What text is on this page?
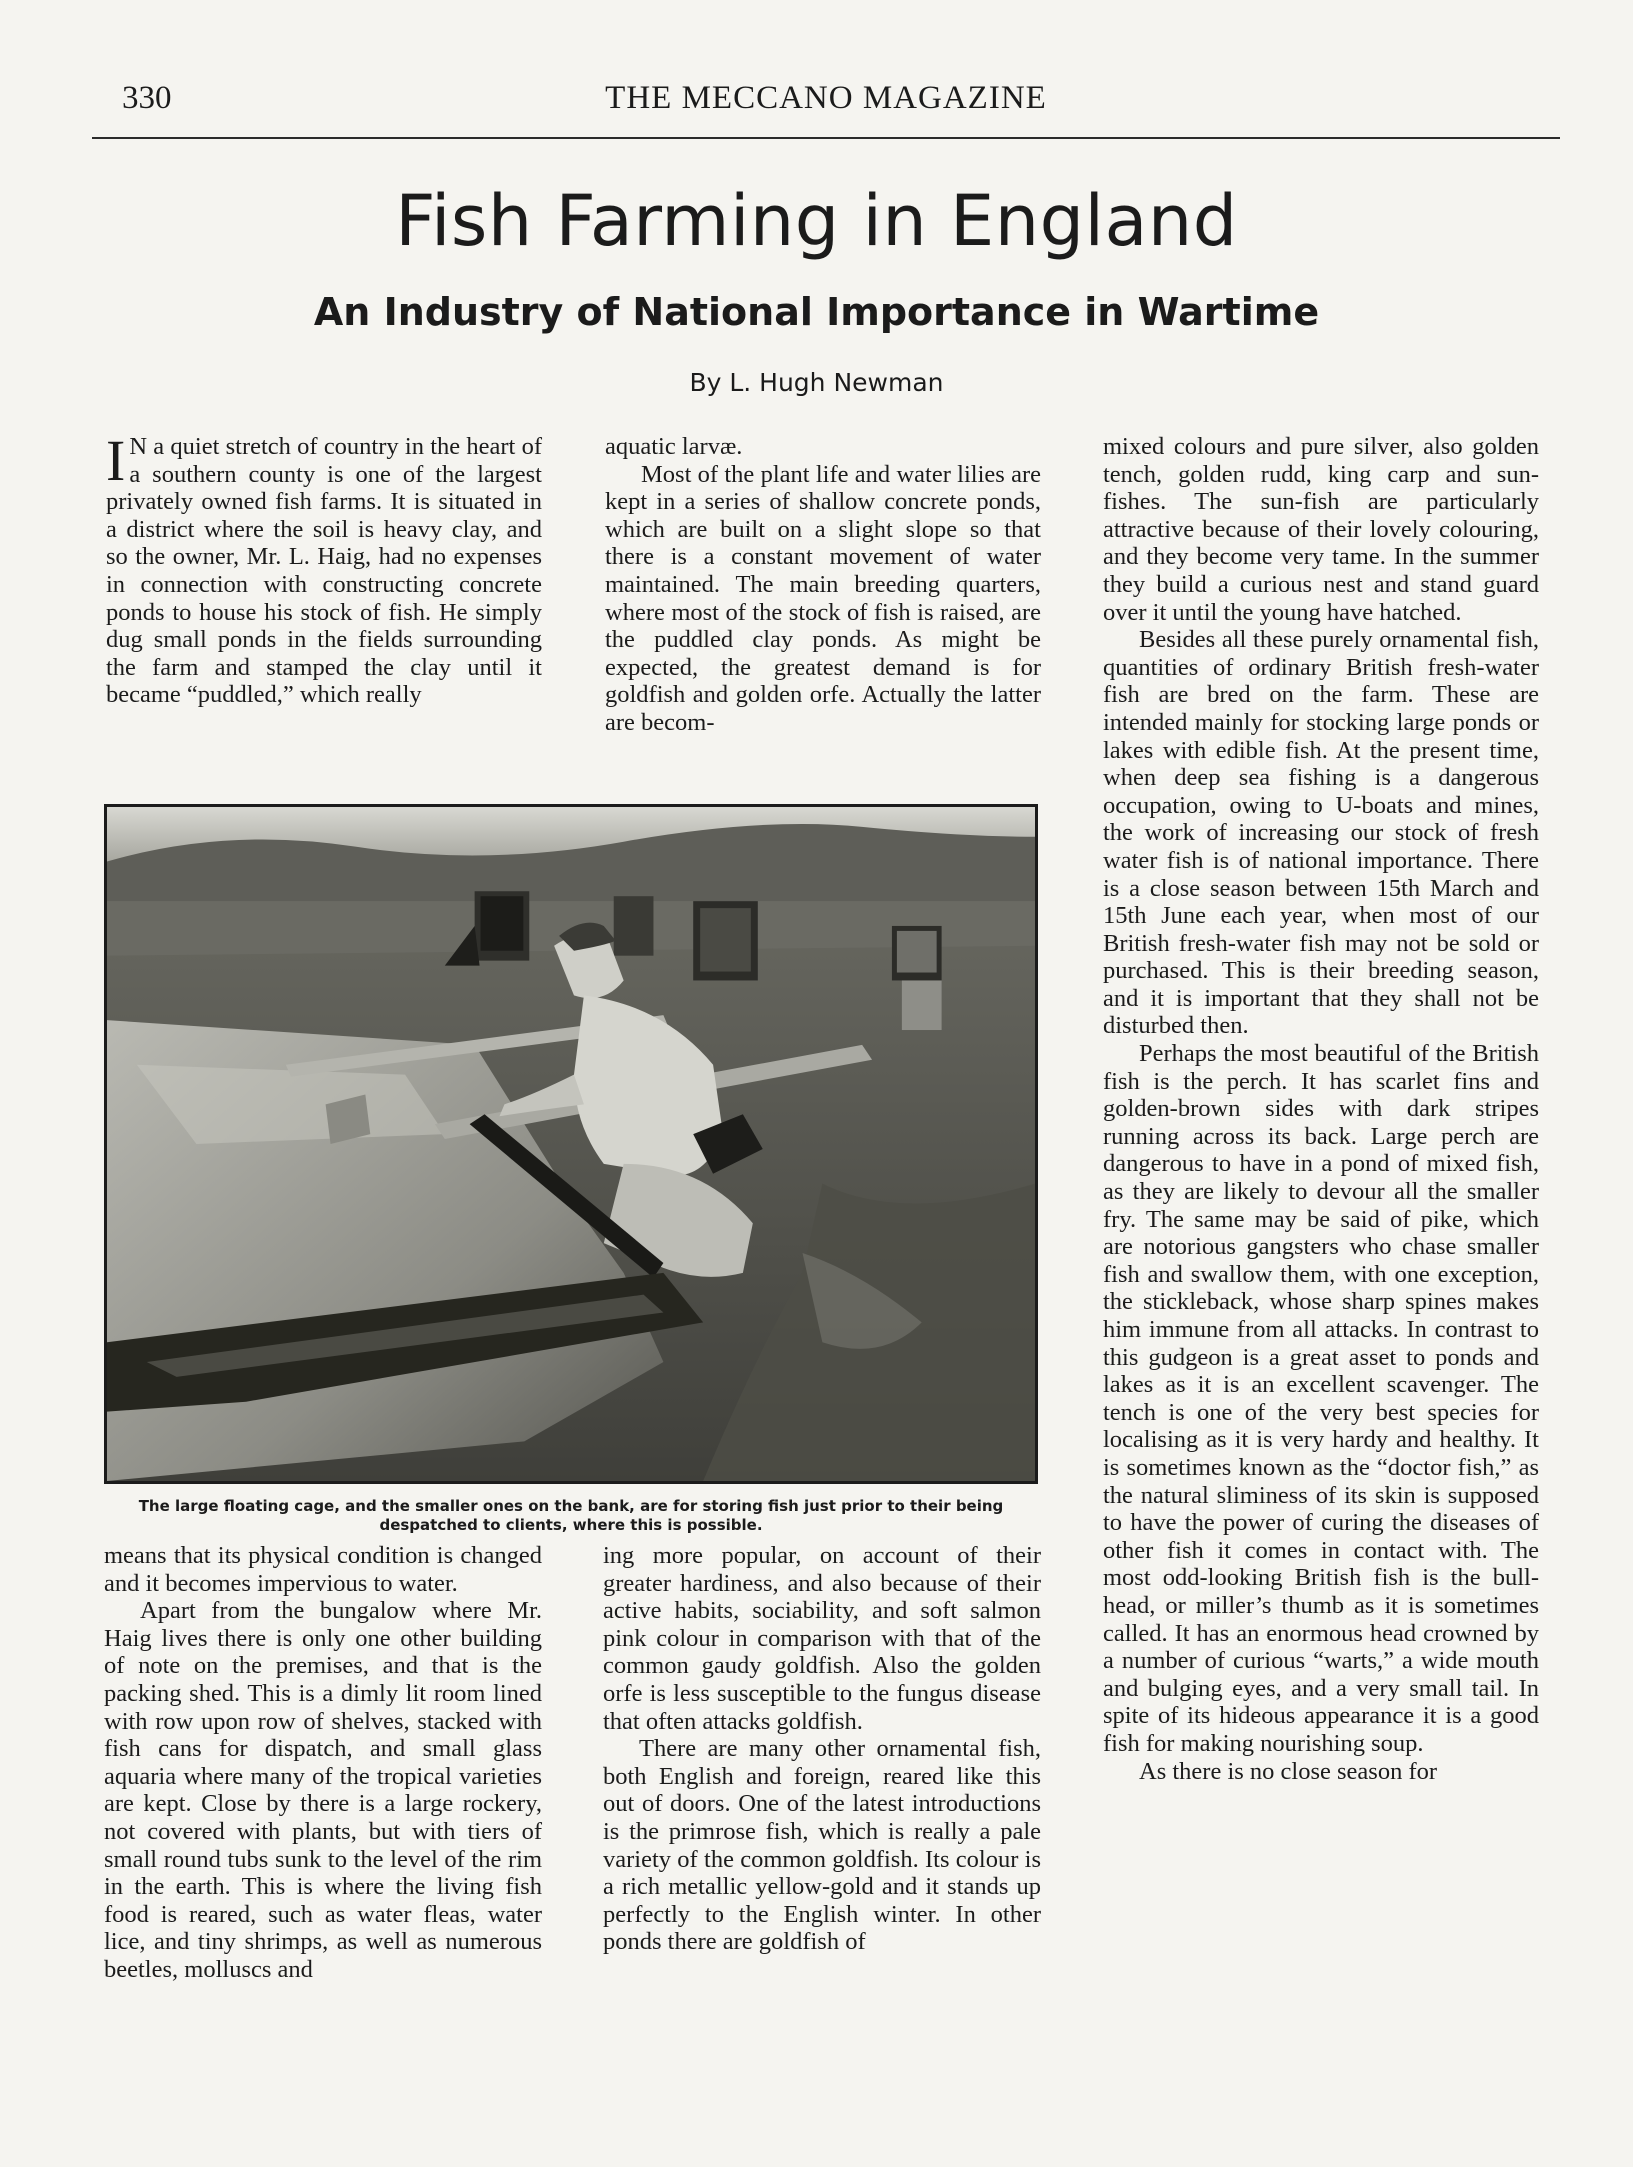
330	THE MECCANO MAGAZINE
Fish Farming in England
An Industry of National Importance in Wartime
By L. Hugh Newman

I N a quiet stretch of country in the heart of a southern county is one of the largest privately owned fish farms. It is situated in a district where the soil is heavy clay, and so the owner, Mr. L. Haig, had no expenses in connection with constructing concrete ponds to house his stock of fish. He simply dug small ponds in the fields surrounding the farm and stamped the clay until it became “puddled,” which really

aquatic larvæ.

Most of the plant life and water lilies are kept in a series of shallow concrete ponds, which are built on a slight slope so that there is a constant movement of water maintained. The main breeding quarters, where most of the stock of fish is raised, are the puddled clay ponds. As might be expected, the greatest demand is for goldfish and golden orfe. Actually the latter are becom-

mixed colours and pure silver, also golden tench, golden rudd, king carp and sun-fishes. The sun-fish are particularly attractive because of their lovely colouring, and they become very tame. In the summer they build a curious nest and stand guard over it until the young have hatched.

Besides all these purely ornamental fish, quantities of ordinary British fresh-water fish are bred on the farm. These are intended mainly for stocking large ponds or lakes with edible fish. At the present time, when deep sea fishing is a dangerous occupation, owing to U-boats and mines, the work of increasing our stock of fresh water fish is of national importance. There is a close season between 15th March and 15th June each year, when most of our British fresh-water fish may not be sold or purchased. This is their breeding season, and it is important that they shall not be disturbed then.

Perhaps the most beautiful of the British fish is the perch. It has scarlet fins and golden-brown sides with dark stripes running across its back. Large perch are dangerous to have in a pond of mixed fish, as they are likely to devour all the smaller fry. The same may be said of pike, which are notorious gangsters who chase smaller fish and swallow them, with one exception, the stickleback, whose sharp spines makes him immune from all attacks. In contrast to this gudgeon is a great asset to ponds and lakes as it is an excellent scavenger. The tench is one of the very best species for localising as it is very hardy and healthy. It is sometimes known as the “doctor fish,” as the natural sliminess of its skin is supposed to have the power of curing the diseases of other fish it comes in contact with. The most odd-looking British fish is the bullhead, or miller’s thumb as it is sometimes called. It has an enormous head crowned by a number of curious “warts,” a wide mouth and bulging eyes, and a very small tail. In spite of its hideous appearance it is a good fish for making nourishing soup.

As there is no close season for

The large floating cage, and the smaller ones on the bank, are for storing fish just prior to their being despatched to clients, where this is possible.

means that its physical condition is changed and it becomes impervious to water.

Apart from the bungalow where Mr. Haig lives there is only one other building of note on the premises, and that is the packing shed. This is a dimly lit room lined with row upon row of shelves, stacked with fish cans for dispatch, and small glass aquaria where many of the tropical varieties are kept. Close by there is a large rockery, not covered with plants, but with tiers of small round tubs sunk to the level of the rim in the earth. This is where the living fish food is reared, such as water fleas, water lice, and tiny shrimps, as well as numerous beetles, molluscs and

ing more popular, on account of their greater hardiness, and also because of their active habits, sociability, and soft salmon pink colour in comparison with that of the common gaudy goldfish. Also the golden orfe is less susceptible to the fungus disease that often attacks goldfish.

There are many other ornamental fish, both English and foreign, reared like this out of doors. One of the latest introductions is the primrose fish, which is really a pale variety of the common goldfish. Its colour is a rich metallic yellow-gold and it stands up perfectly to the English winter. In other ponds there are goldfish of
